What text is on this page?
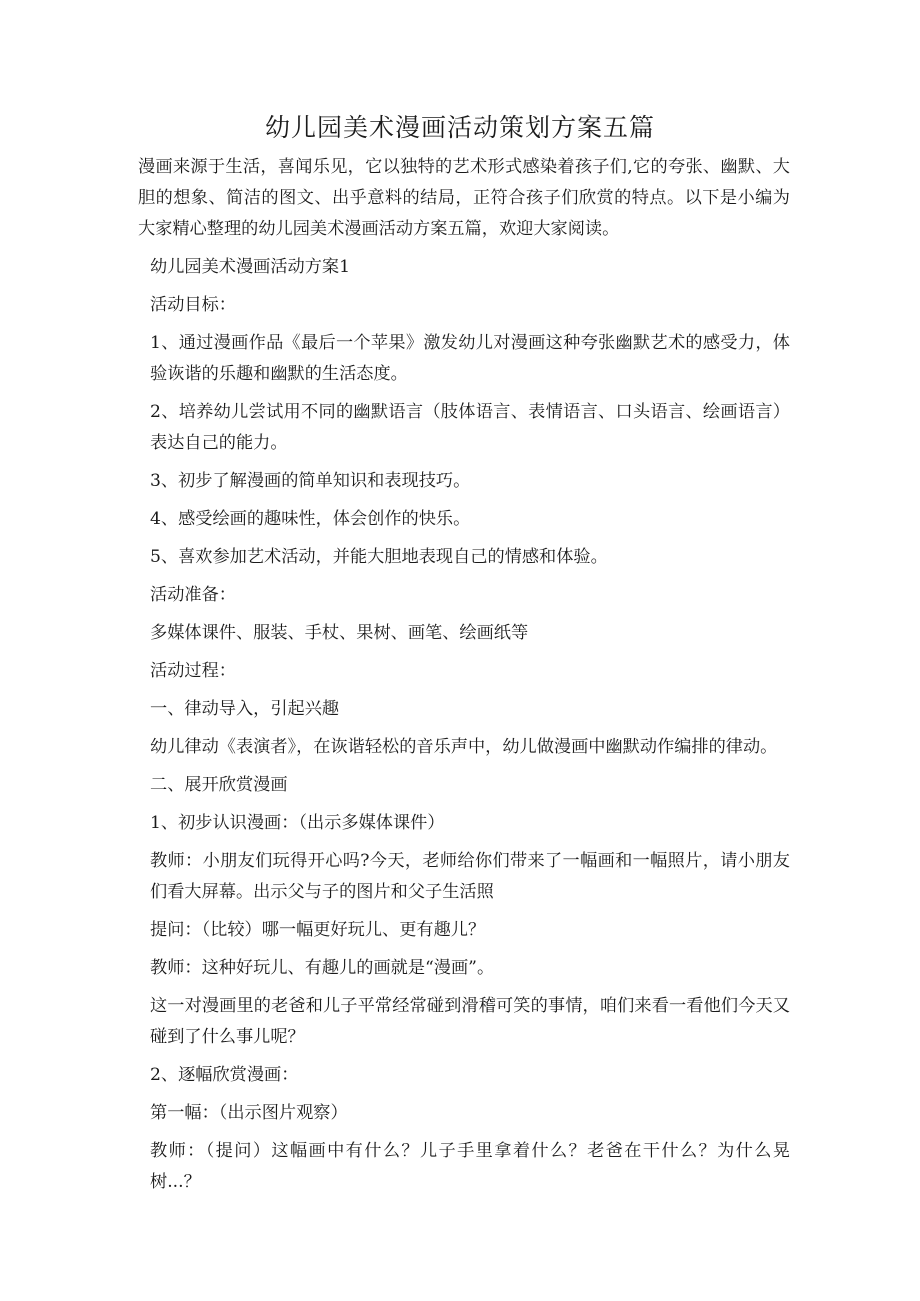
幼儿园美术漫画活动策划方案五篇

漫画来源于生活，喜闻乐见，它以独特的艺术形式感染着孩子们,它的夸张、幽默、大胆的想象、简洁的图文、出乎意料的结局，正符合孩子们欣赏的特点。以下是小编为大家精心整理的幼儿园美术漫画活动方案五篇，欢迎大家阅读。

幼儿园美术漫画活动方案1

活动目标：

1、通过漫画作品《最后一个苹果》激发幼儿对漫画这种夸张幽默艺术的感受力，体验诙谐的乐趣和幽默的生活态度。

2、培养幼儿尝试用不同的幽默语言（肢体语言、表情语言、口头语言、绘画语言）表达自己的能力。

3、初步了解漫画的简单知识和表现技巧。

4、感受绘画的趣味性，体会创作的快乐。

5、喜欢参加艺术活动，并能大胆地表现自己的情感和体验。

活动准备：

多媒体课件、服装、手杖、果树、画笔、绘画纸等

活动过程：

一、律动导入，引起兴趣

幼儿律动《表演者》，在诙谐轻松的音乐声中，幼儿做漫画中幽默动作编排的律动。

二、展开欣赏漫画

1、初步认识漫画：（出示多媒体课件）

教师：小朋友们玩得开心吗?今天，老师给你们带来了一幅画和一幅照片，请小朋友们看大屏幕。出示父与子的图片和父子生活照

提问：（比较）哪一幅更好玩儿、更有趣儿？

教师：这种好玩儿、有趣儿的画就是“漫画”。

这一对漫画里的老爸和儿子平常经常碰到滑稽可笑的事情，咱们来看一看他们今天又碰到了什么事儿呢？

2、逐幅欣赏漫画：

第一幅：（出示图片观察）

教师：（提问）这幅画中有什么？儿子手里拿着什么？老爸在干什么？为什么晃树...？
